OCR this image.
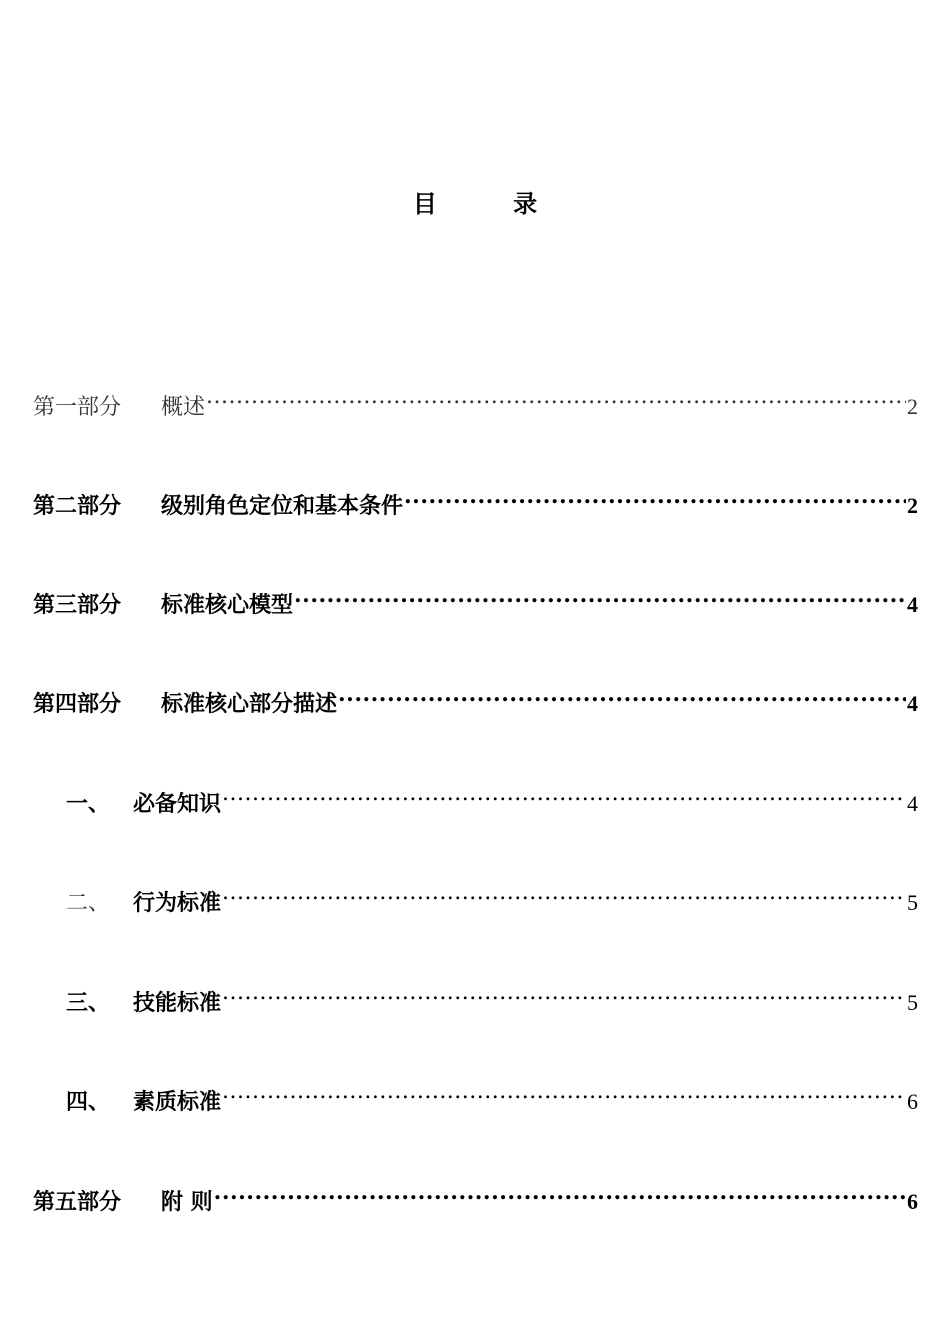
目 录
第一部分	概述 .....	2
第二部分	级别角色定位和基本条件 .....	2
第三部分	标准核心模型 .....	4
第四部分	标准核心部分描述 .....	4
一、	必备知识 .....	4
二、	行为标准 .....	5
三、	技能标准 .....	5
四、	素质标准 .....	6
第五部分	附 则 .....	6
